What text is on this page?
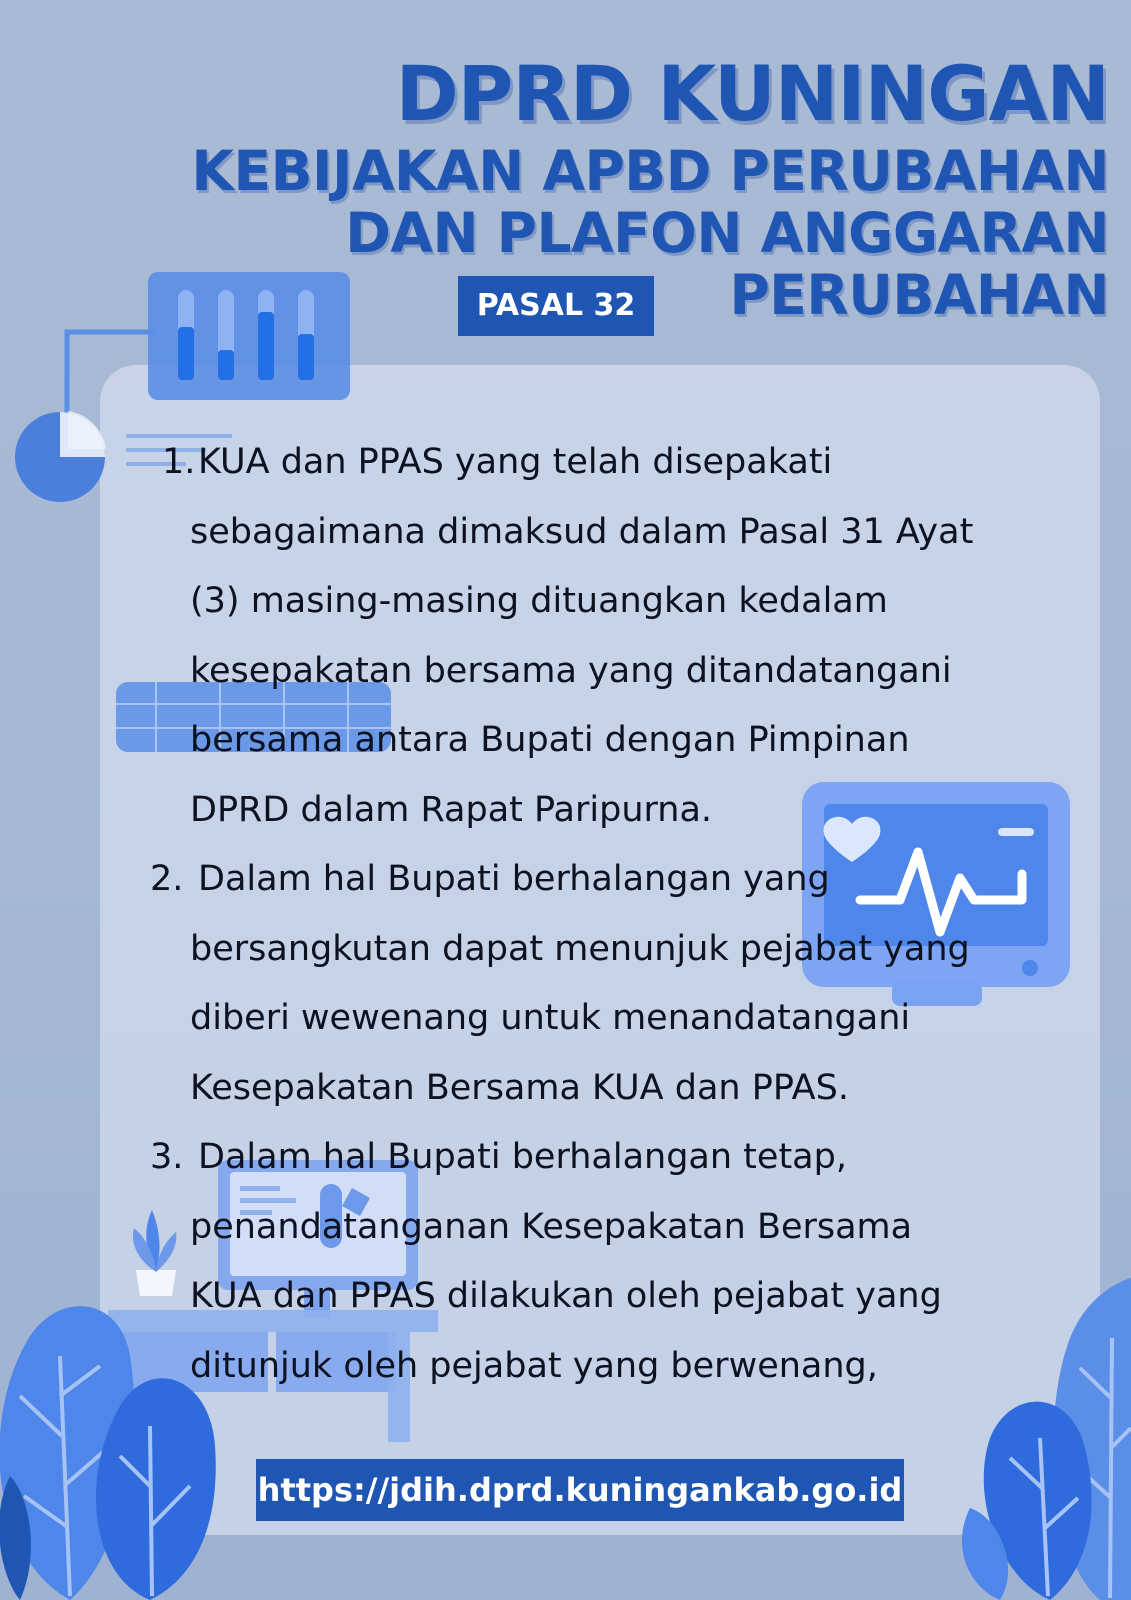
DPRD KUNINGAN
KEBIJAKAN APBD PERUBAHAN
DAN PLAFON ANGGARAN
PERUBAHAN
PASAL 32
1. KUA dan PPAS yang telah disepakati
sebagaimana dimaksud dalam Pasal 31 Ayat
(3) masing-masing dituangkan kedalam
kesepakatan bersama yang ditandatangani
bersama antara Bupati dengan Pimpinan
DPRD dalam Rapat Paripurna.
2. Dalam hal Bupati berhalangan yang
bersangkutan dapat menunjuk pejabat yang
diberi wewenang untuk menandatangani
Kesepakatan Bersama KUA dan PPAS.
3. Dalam hal Bupati berhalangan tetap,
penandatanganan Kesepakatan Bersama
KUA dan PPAS dilakukan oleh pejabat yang
ditunjuk oleh pejabat yang berwenang,
https://jdih.dprd.kuningankab.go.id
